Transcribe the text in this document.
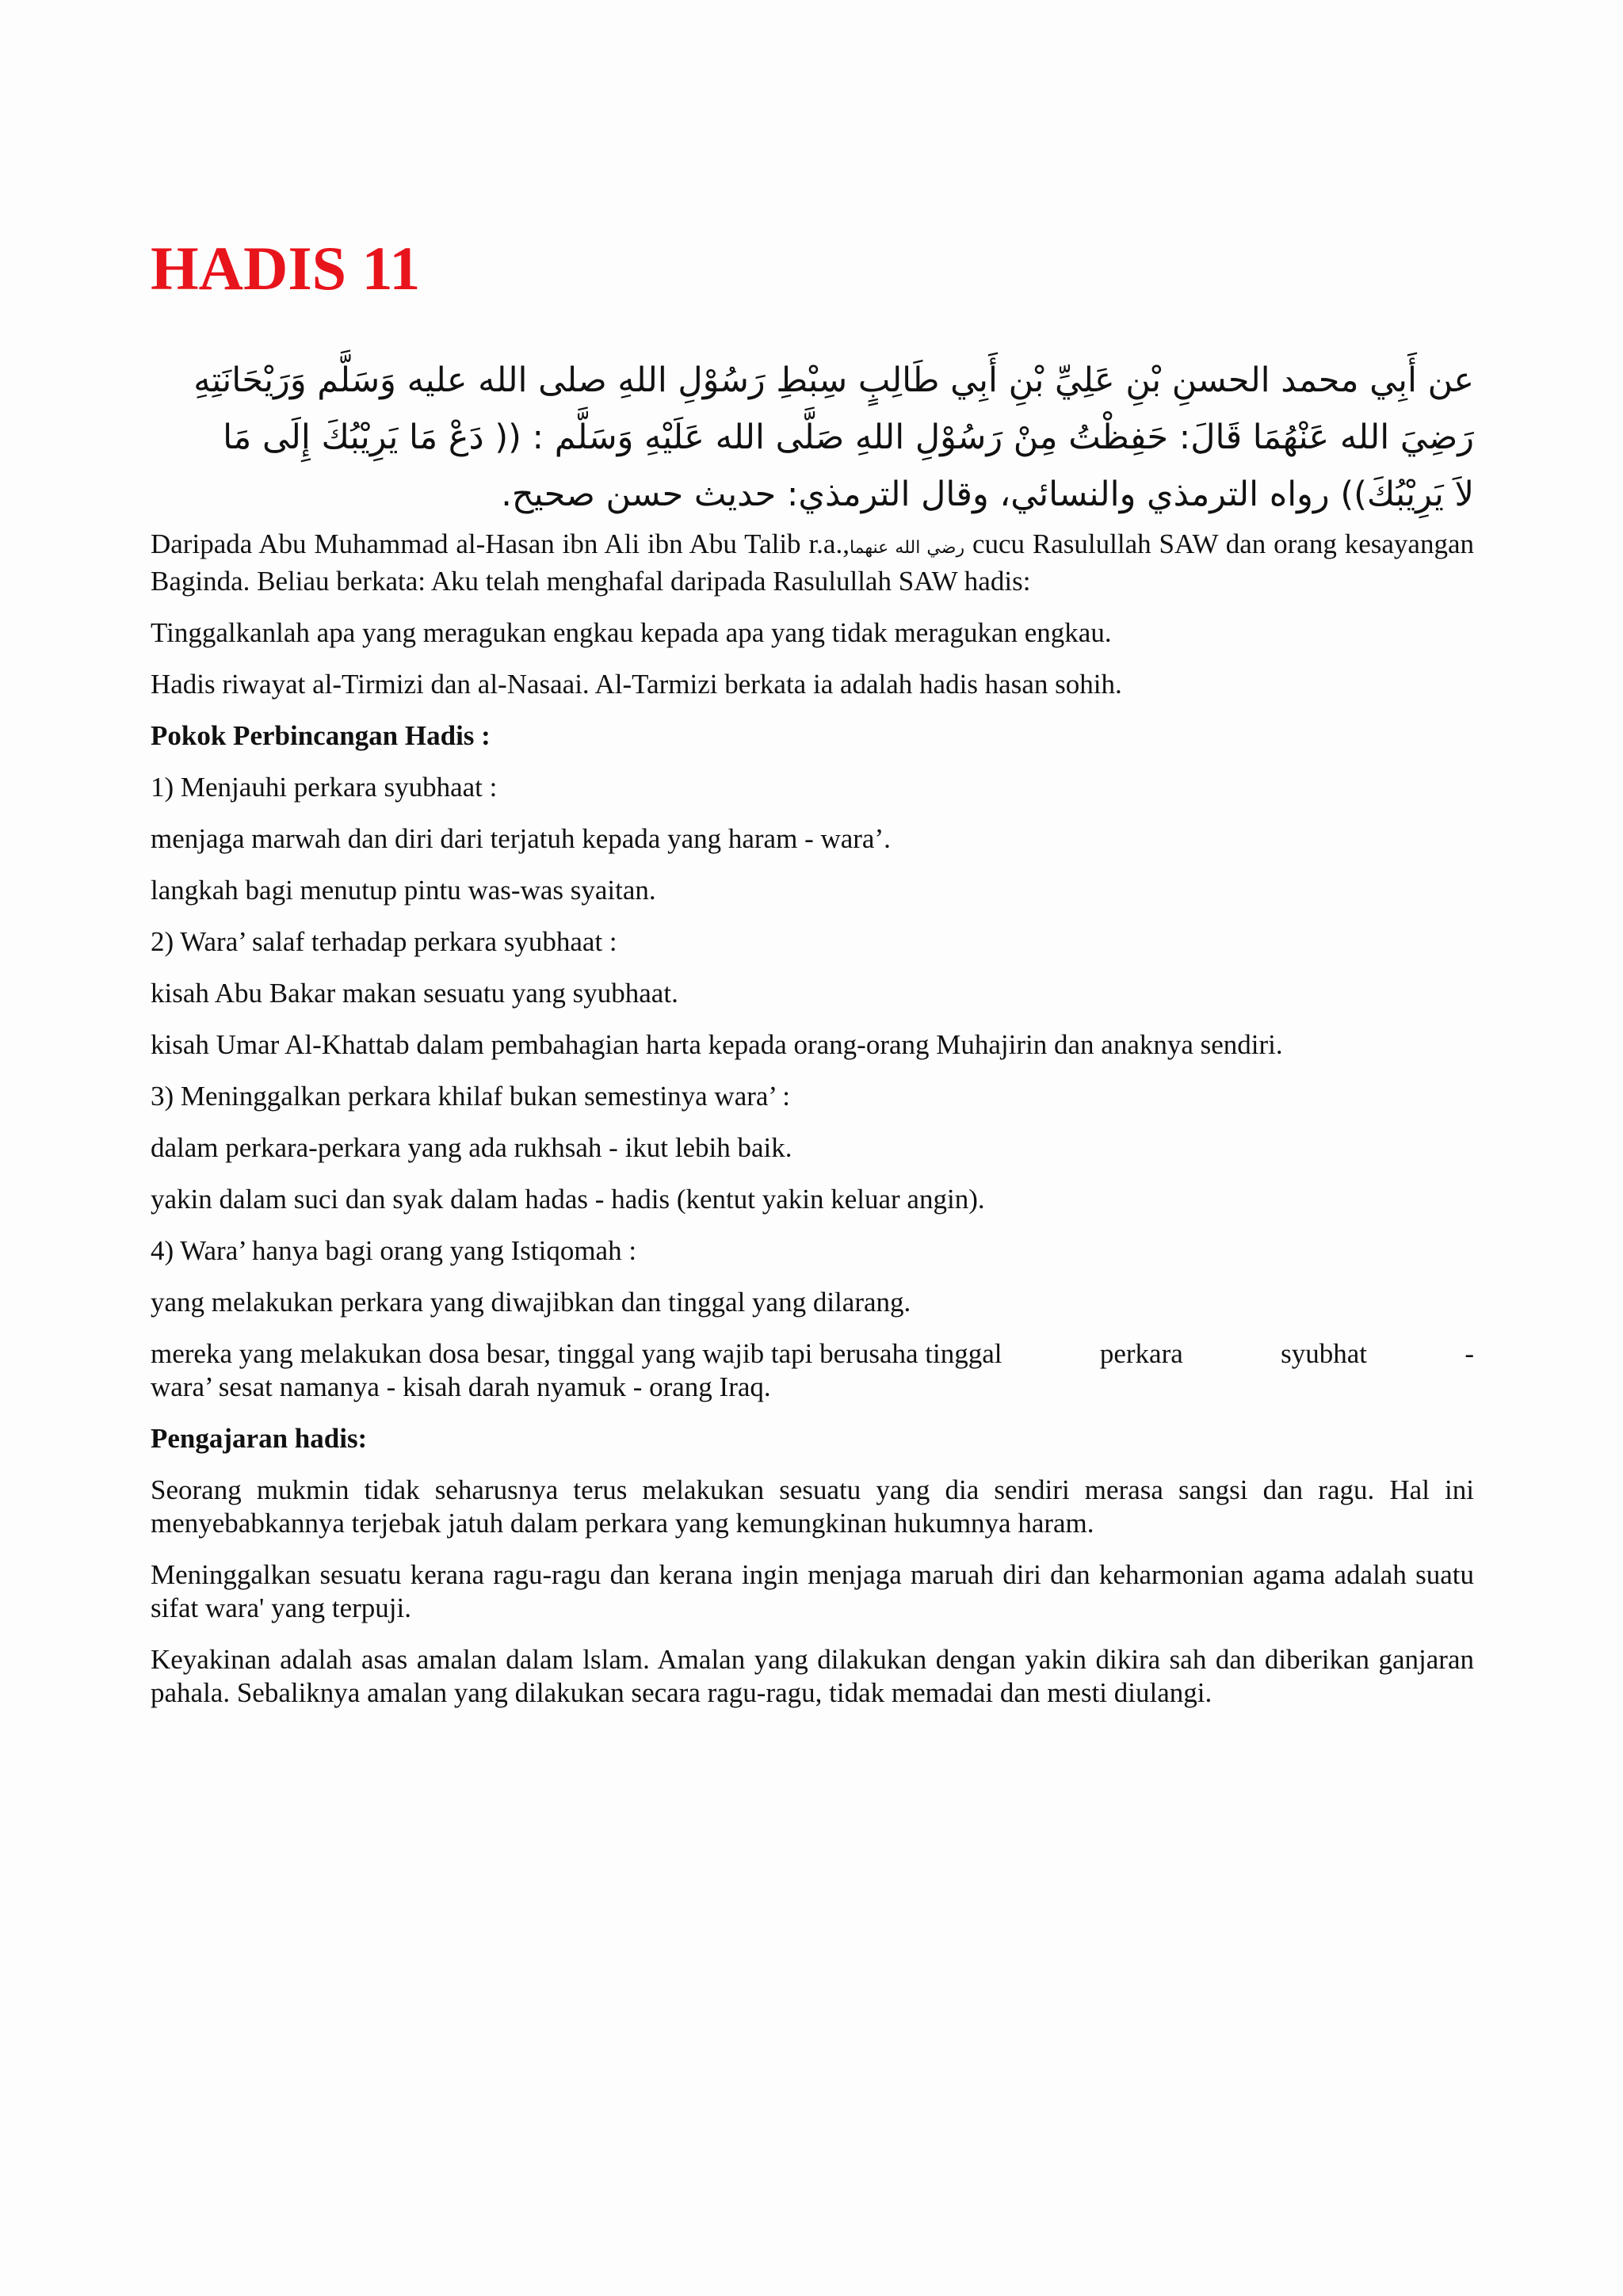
HADIS 11
عن أَبِي محمد الحسنِ بْنِ عَلِيِّ بْنِ أَبِي طَالِبٍ سِبْطِ رَسُوْلِ اللهِ صلى الله عليه وَسَلَّم وَرَيْحَانَتِهِ
رَضِيَ الله عَنْهُمَا قَالَ: حَفِظْتُ مِنْ رَسُوْلِ اللهِ صَلَّى الله عَلَيْهِ وَسَلَّم : (( دَعْ مَا يَرِيْبُكَ إِلَى مَا
لاَ يَرِيْبُكَ)) رواه الترمذي والنسائي، وقال الترمذي: حديث حسن صحيح.

Daripada Abu Muhammad al-Hasan ibn Ali ibn Abu Talib r.a.,رضي الله عنهما cucu Rasulullah SAW dan orang kesayangan Baginda. Beliau berkata: Aku telah menghafal daripada Rasulullah SAW hadis:

Tinggalkanlah apa yang meragukan engkau kepada apa yang tidak meragukan engkau.

Hadis riwayat al-Tirmizi dan al-Nasaai. Al-Tarmizi berkata ia adalah hadis hasan sohih.

Pokok Perbincangan Hadis :

1) Menjauhi perkara syubhaat :

menjaga marwah dan diri dari terjatuh kepada yang haram - wara’.

langkah bagi menutup pintu was-was syaitan.

2) Wara’ salaf terhadap perkara syubhaat :

kisah Abu Bakar makan sesuatu yang syubhaat.

kisah Umar Al-Khattab dalam pembahagian harta kepada orang-orang Muhajirin dan anaknya sendiri.

3) Meninggalkan perkara khilaf bukan semestinya wara’ :

dalam perkara-perkara yang ada rukhsah - ikut lebih baik.

yakin dalam suci dan syak dalam hadas - hadis (kentut yakin keluar angin).

4) Wara’ hanya bagi orang yang Istiqomah :

yang melakukan perkara yang diwajibkan dan tinggal yang dilarang.

mereka yang melakukan dosa besar, tinggal yang wajib tapi berusaha tinggal	perkara	syubhat	-

wara’ sesat namanya - kisah darah nyamuk - orang Iraq.

Pengajaran hadis:

Seorang mukmin tidak seharusnya terus melakukan sesuatu yang dia sendiri merasa sangsi dan ragu. Hal ini menyebabkannya terjebak jatuh dalam perkara yang kemungkinan hukumnya haram.

Meninggalkan sesuatu kerana ragu-ragu dan kerana ingin menjaga maruah diri dan keharmonian agama adalah suatu sifat wara' yang terpuji.

Keyakinan adalah asas amalan dalam lslam. Amalan yang dilakukan dengan yakin dikira sah dan diberikan ganjaran pahala. Sebaliknya amalan yang dilakukan secara ragu-ragu, tidak memadai dan mesti diulangi.
